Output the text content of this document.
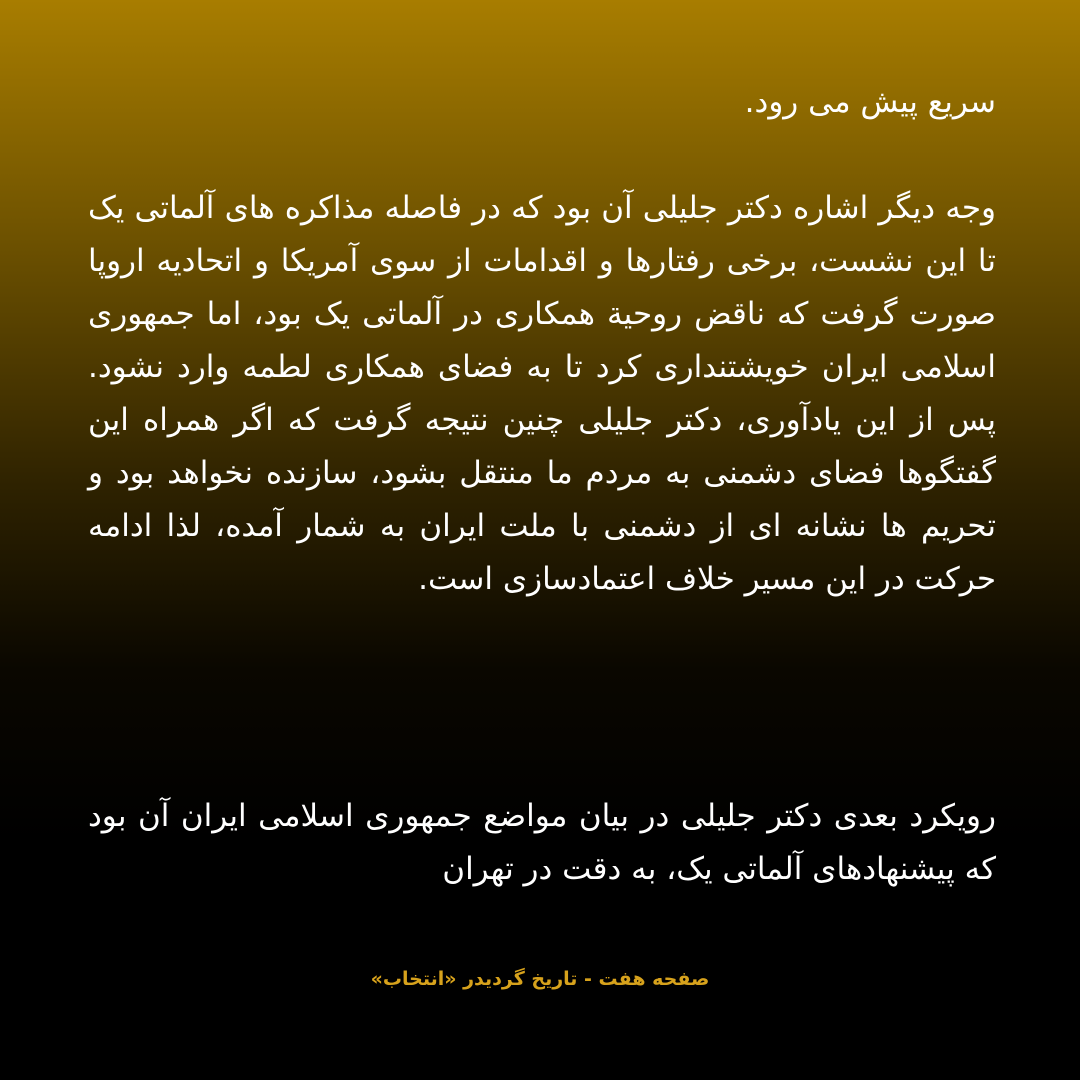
سریع پیش می رود.

وجه دیگر اشاره دکتر جلیلی آن بود که در فاصله مذاکره های آلماتی یک تا این نشست، برخی رفتارها و اقدامات از سوی آمریکا و اتحادیه اروپا صورت گرفت که ناقض روحیة همکاری در آلماتی یک بود، اما جمهوری اسلامی ایران خویشتنداری کرد تا به فضای همکاری لطمه وارد نشود. پس از این یادآوری، دکتر جلیلی چنین نتیجه گرفت که اگر همراه این گفتگوها فضای دشمنی به مردم ما منتقل بشود، سازنده نخواهد بود و تحریم ها نشانه ای از دشمنی با ملت ایران به شمار آمده، لذا ادامه حرکت در این مسیر خلاف اعتمادسازی است.

رویکرد بعدی دکتر جلیلی در بیان مواضع جمهوری اسلامی ایران آن بود که پیشنهادهای آلماتی یک، به دقت در تهران

صفحه هفت - تاریخ گردیدر «انتخاب»
